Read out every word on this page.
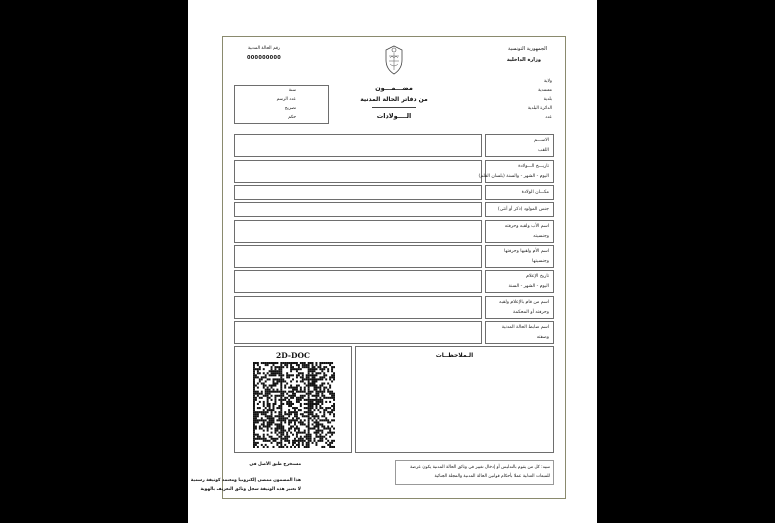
الجمهورية التونسية
وزارة الداخلية
ولاية
معتمدية
بلدية
الدائرة البلدية
عدد
رقم الحالة المدنية
000000000
مضـــمـــون
من دفاتر الحالة المدنية
الــــولادات
سنة
عدد الرسم
تصريح
حكم
الاســـم
اللقب
تاريـــخ الـــولادة
اليوم - الشهر - والسنة (بلسان القلم)
مكـــان الولادة
جنس المولود (ذكر أو أنثى)
اسم الأب ولقبه وحرفته
وجنسيته
اسم الأم ولقبها وحرفتها
وجنسيتها
تاريخ الإعلام
اليوم - الشهر - السنة
اسم من قام بالإعلام ولقبه
وحرفته أو المحكمة
اسم ضابط الحالة المدنية
وصفته
2D-DOC	الـملاحظــات
مستخرج طبق الأصل في
هذا المضمون ممضى إلكترونيا ومعتمد كوثيقة رسمية
لا تعتبر هذه الوثيقة سجل وثائق التعريف بالهوية
تنبيه: كل من يقوم بالتدليس أو إدخال تغيير في وثائق الحالة المدنية يكون عرضة
للتتبعات العدلية عملا بأحكام قوانين الحالة المدنية والمجلة الجنائية
